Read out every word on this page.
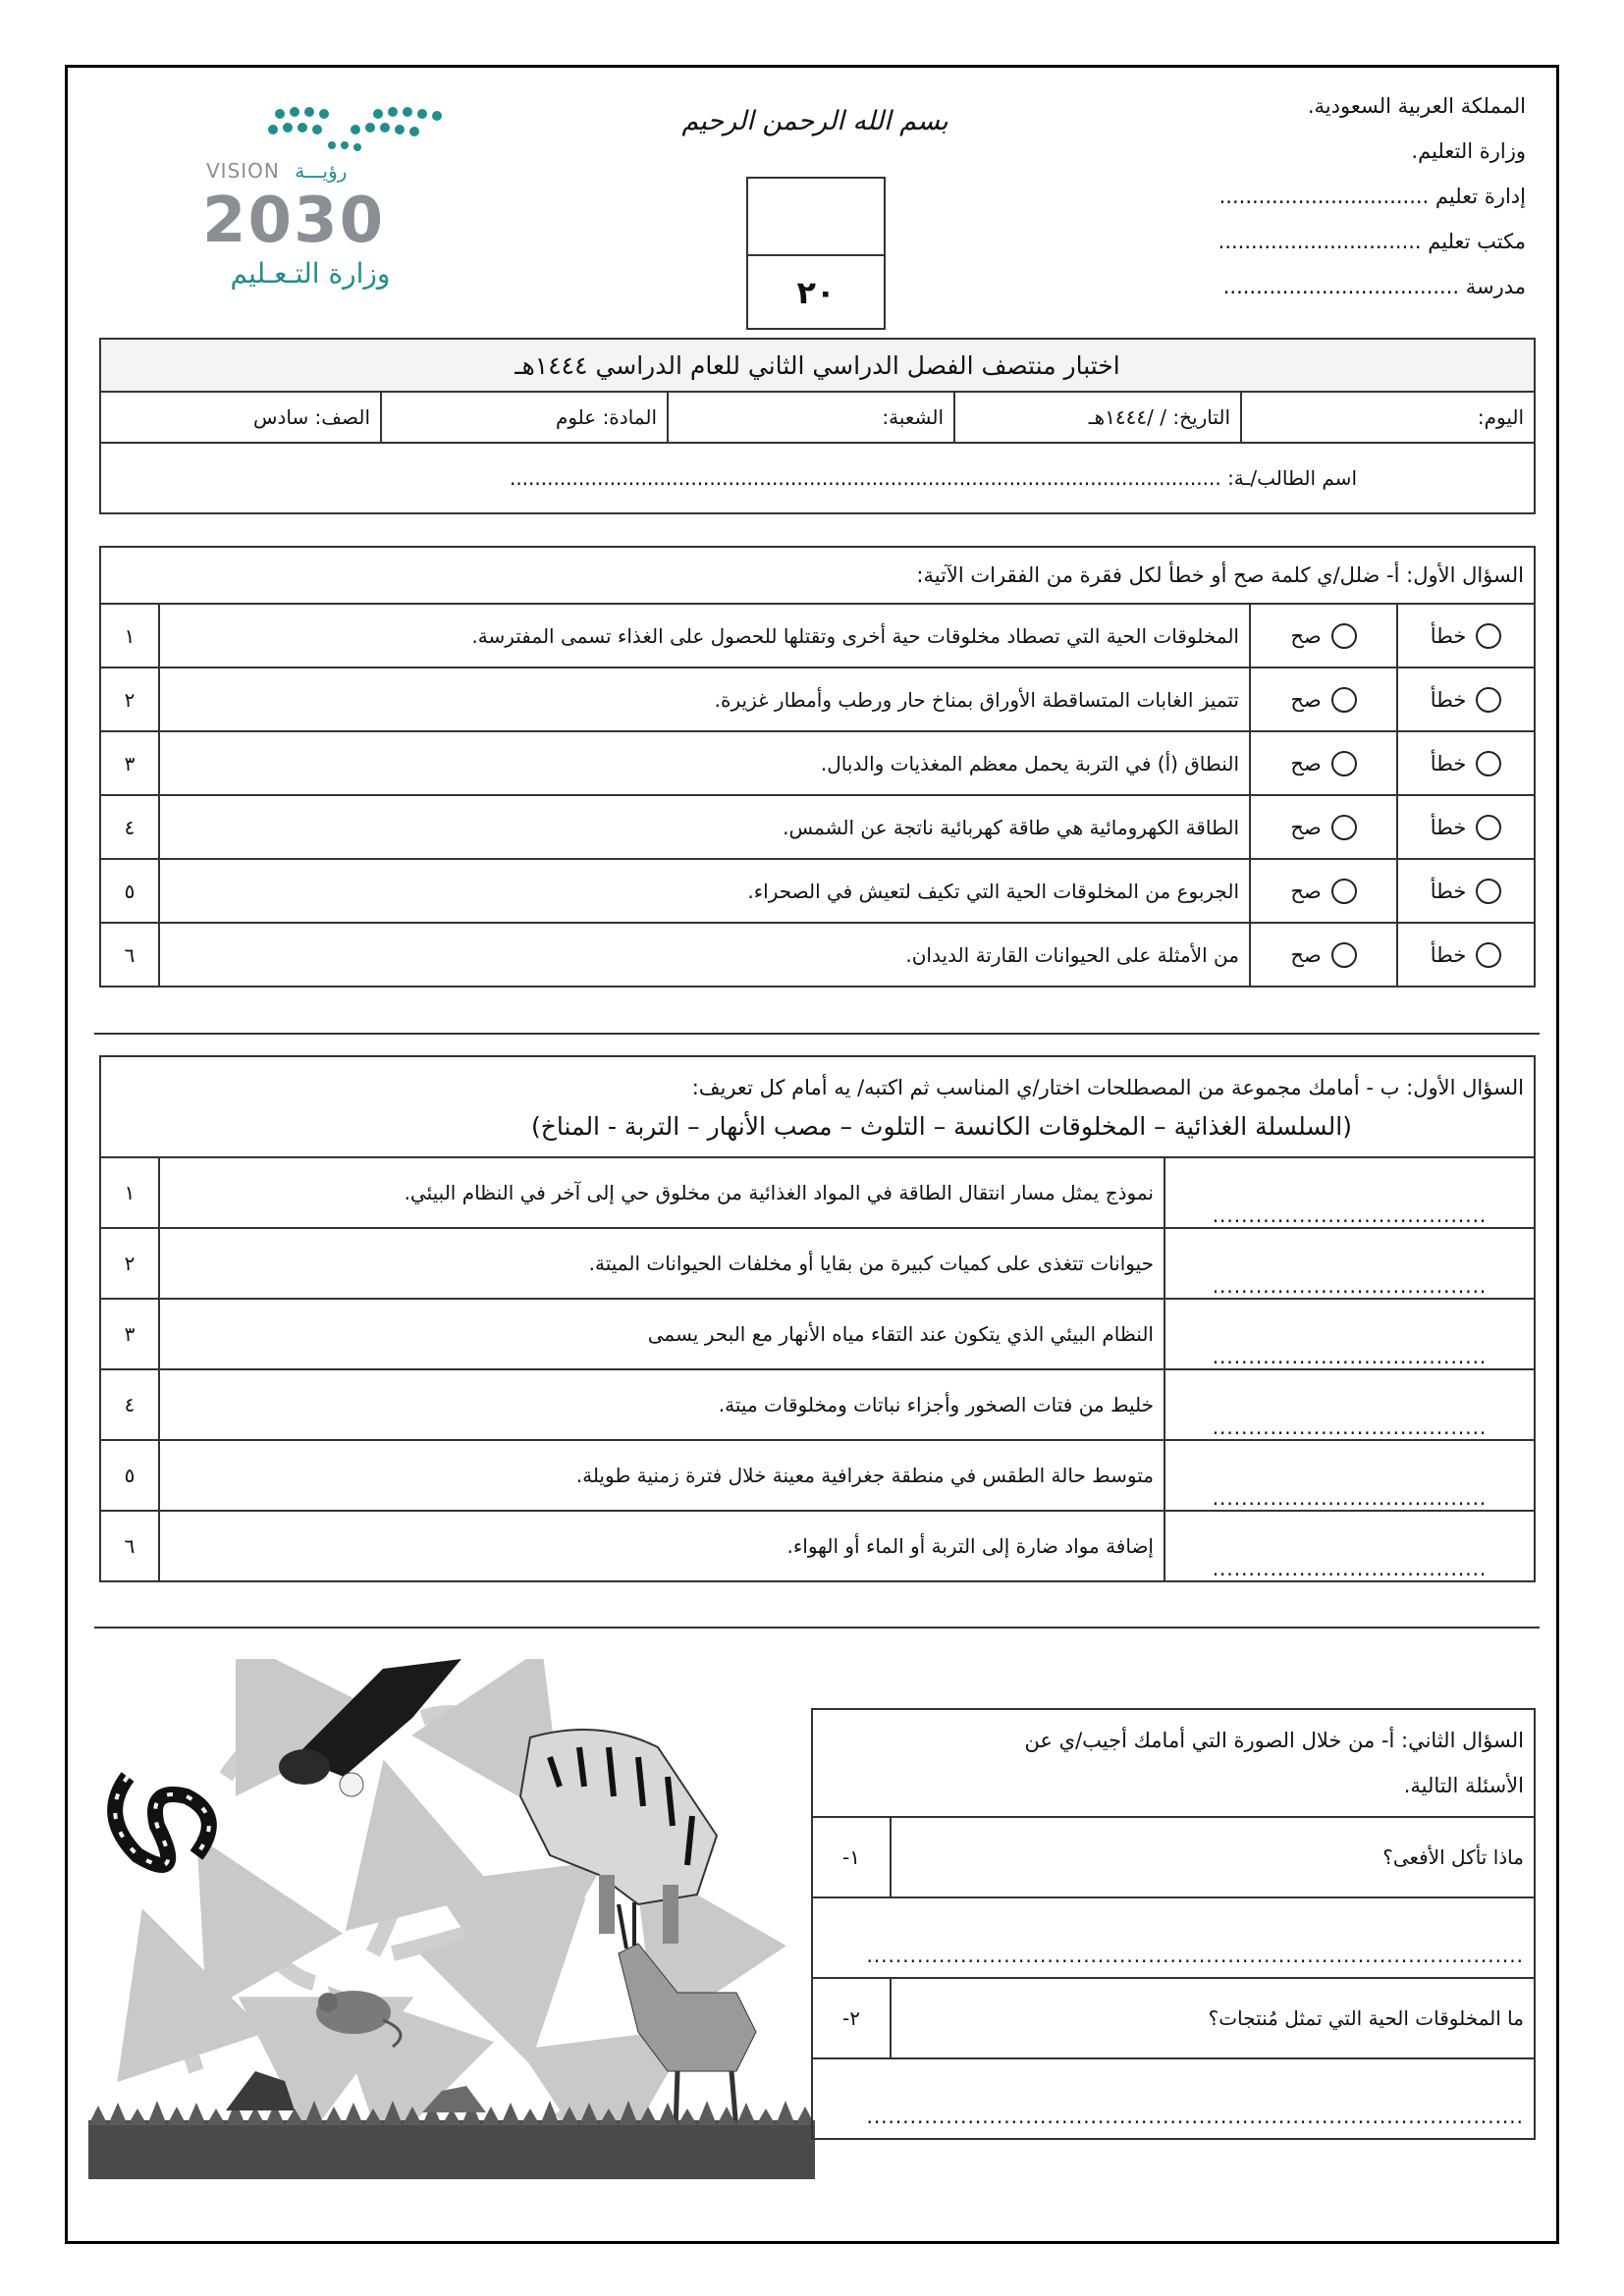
المملكة العربية السعودية.
وزارة التعليم.
إدارة تعليم ................................
مكتب تعليم ...............................
مدرسة ....................................
بسم الله الرحمن الرحيم
٢٠
VISION رؤيـــة
2030
وزارة التـعـليم
اختبار منتصف الفصل الدراسي الثاني للعام الدراسي ١٤٤٤هـ
الصف: سادس	المادة: علوم	الشعبة:	التاريخ: / /١٤٤٤هـ	اليوم:
اسم الطالب/ـة: ..................................................................................................................
السؤال الأول: أ- ضلل/ي كلمة صح أو خطأ لكل فقرة من الفقرات الآتية:			
١	المخلوقات الحية التي تصطاد مخلوقات حية أخرى وتقتلها للحصول على الغذاء تسمى المفترسة.	صح	خطأ

٢	تتميز الغابات المتساقطة الأوراق بمناخ حار ورطب وأمطار غزيرة.	صح	خطأ

٣	النطاق (أ) في التربة يحمل معظم المغذيات والدبال.	صح	خطأ

٤	الطاقة الكهرومائية هي طاقة كهربائية ناتجة عن الشمس.	صح	خطأ

٥	الجربوع من المخلوقات الحية التي تكيف لتعيش في الصحراء.	صح	خطأ

٦	من الأمثلة على الحيوانات القارتة الديدان.	صح	خطأ
السؤال الأول: ب - أمامك مجموعة من المصطلحات اختار/ي المناسب ثم اكتبه/ يه أمام كل تعريف:
(السلسلة الغذائية – المخلوقات الكانسة – التلوث – مصب الأنهار – التربة - المناخ)		

١	نموذج يمثل مسار انتقال الطاقة في المواد الغذائية من مخلوق حي إلى آخر في النظام البيئي.	......................................
٢	حيوانات تتغذى على كميات كبيرة من بقايا أو مخلفات الحيوانات الميتة.	......................................
٣	النظام البيئي الذي يتكون عند التقاء مياه الأنهار مع البحر يسمى	......................................
٤	خليط من فتات الصخور وأجزاء نباتات ومخلوقات ميتة.	......................................
٥	متوسط حالة الطقس في منطقة جغرافية معينة خلال فترة زمنية طويلة.	......................................
٦	إضافة مواد ضارة إلى التربة أو الماء أو الهواء.	......................................
السؤال الثاني: أ- من خلال الصورة التي أمامك أجيب/ي عن
الأسئلة التالية.	

١-	ماذا تأكل الأفعى؟
...........................................................................................	
٢-	ما المخلوقات الحية التي تمثل مُنتجات؟
...........................................................................................	
